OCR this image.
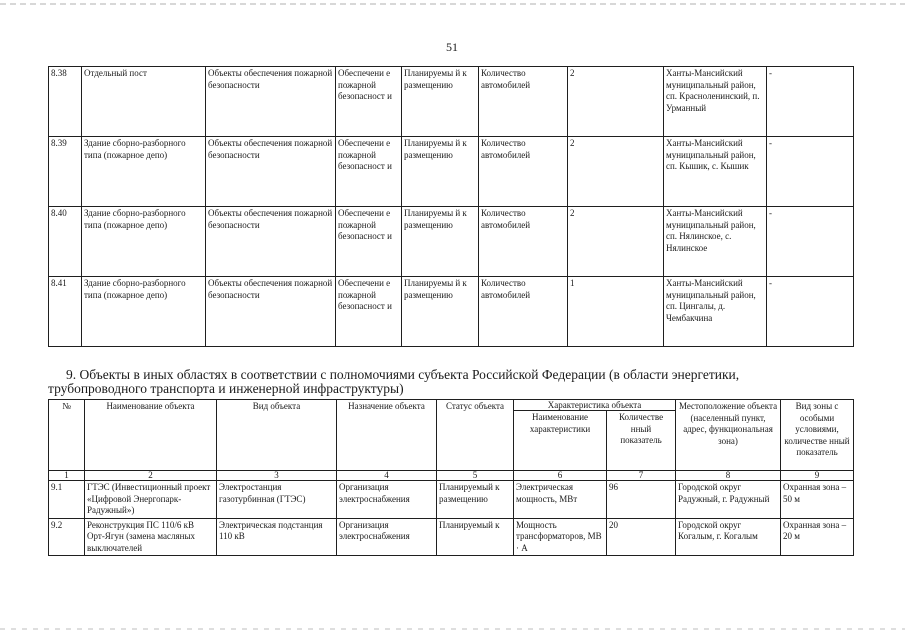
51
8.38	Отдельный пост	Объекты обеспечения пожарной безопасности	Обеспечени е пожарной безопасност и	Планируемы й к размещению	Количество автомобилей	2	Ханты-Мансийский муниципальный район, сп. Красноленинский, п. Урманный	-
8.39	Здание сборно-разборного типа (пожарное депо)	Объекты обеспечения пожарной безопасности	Обеспечени е пожарной безопасност и	Планируемы й к размещению	Количество автомобилей	2	Ханты-Мансийский муниципальный район, сп. Кышик, с. Кышик	-
8.40	Здание сборно-разборного типа (пожарное депо)	Объекты обеспечения пожарной безопасности	Обеспечени е пожарной безопасност и	Планируемы й к размещению	Количество автомобилей	2	Ханты-Мансийский муниципальный район, сп. Нялинское, с. Нялинское	-
8.41	Здание сборно-разборного типа (пожарное депо)	Объекты обеспечения пожарной безопасности	Обеспечени е пожарной безопасност и	Планируемы й к размещению	Количество автомобилей	1	Ханты-Мансийский муниципальный район, сп. Цингалы, д. Чембакчина	-
9. Объекты в иных областях в соответствии с полномочиями субъекта Российской Федерации (в области энергетики,
трубопроводного транспорта и инженерной инфраструктуры)
№	Наименование объекта	Вид объекта	Назначение объекта	Статус объекта	Характеристика объекта		Местоположение объекта (населенный пункт, адрес, функциональная зона)	Вид зоны с особыми условиями, количестве нный показатель
					Наименование характеристики	Количестве нный показатель		
1	2	3	4	5	6	7	8	9
9.1	ГТЭС (Инвестиционный проект «Цифровой Энергопарк-Радужный»)	Электростанция газотурбинная (ГТЭС)	Организация электроснабжения	Планируемый к размещению	Электрическая мощность, МВт	96	Городской округ Радужный, г. Радужный	Охранная зона – 50 м
9.2	Реконструкция ПС 110/6 кВ Орт-Ягун (замена масляных выключателей	Электрическая подстанция 110 кВ	Организация электроснабжения	Планируемый к	Мощность трансформаторов, МВ · А	20	Городской округ Когалым, г. Когалым	Охранная зона – 20 м
